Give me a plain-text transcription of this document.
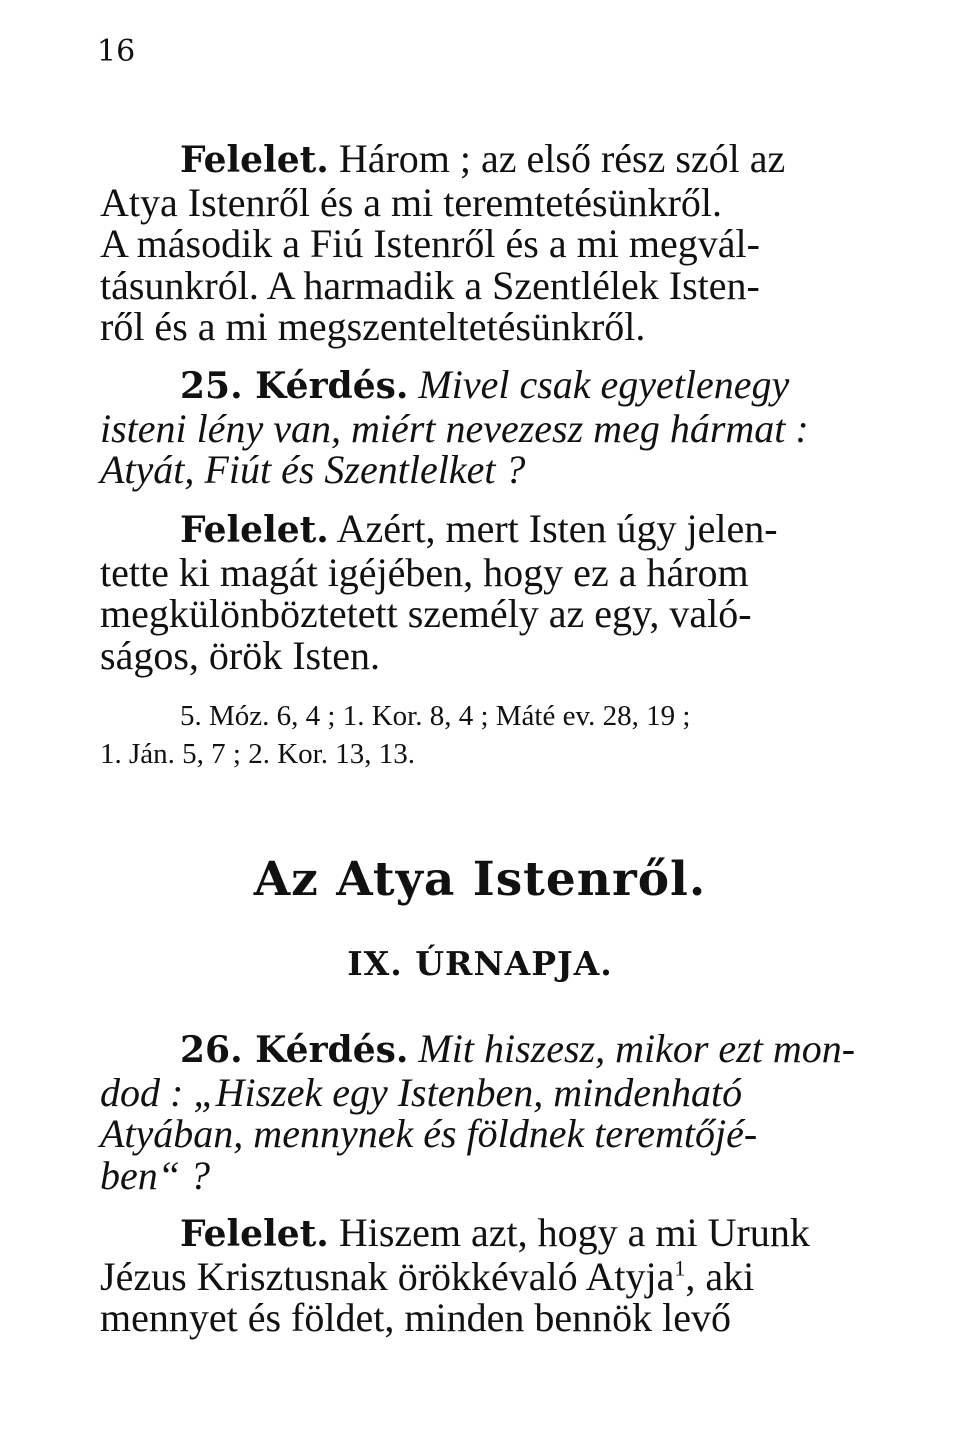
16
Felelet. Három ; az első rész szól az
Atya Istenről és a mi teremtetésünkről.
A második a Fiú Istenről és a mi megvál-
tásunkról. A harmadik a Szentlélek Isten-
ről és a mi megszenteltetésünkről.
25. Kérdés. Mivel csak egyetlenegy
isteni lény van, miért nevezesz meg hármat :
Atyát, Fiút és Szentlelket ?
Felelet. Azért, mert Isten úgy jelen-
tette ki magát igéjében, hogy ez a három
megkülönböztetett személy az egy, való-
ságos, örök Isten.
5. Móz. 6, 4 ; 1. Kor. 8, 4 ; Máté ev. 28, 19 ;
1. Ján. 5, 7 ; 2. Kor. 13, 13.
Az Atya Istenről.
IX. ÚRNAPJA.
26. Kérdés. Mit hiszesz, mikor ezt mon-
dod : „Hiszek egy Istenben, mindenható
Atyában, mennynek és földnek teremtőjé-
ben“ ?
Felelet. Hiszem azt, hogy a mi Urunk
Jézus Krisztusnak örökkévaló Atyja$^1$, aki
mennyet és földet, minden bennök levő
